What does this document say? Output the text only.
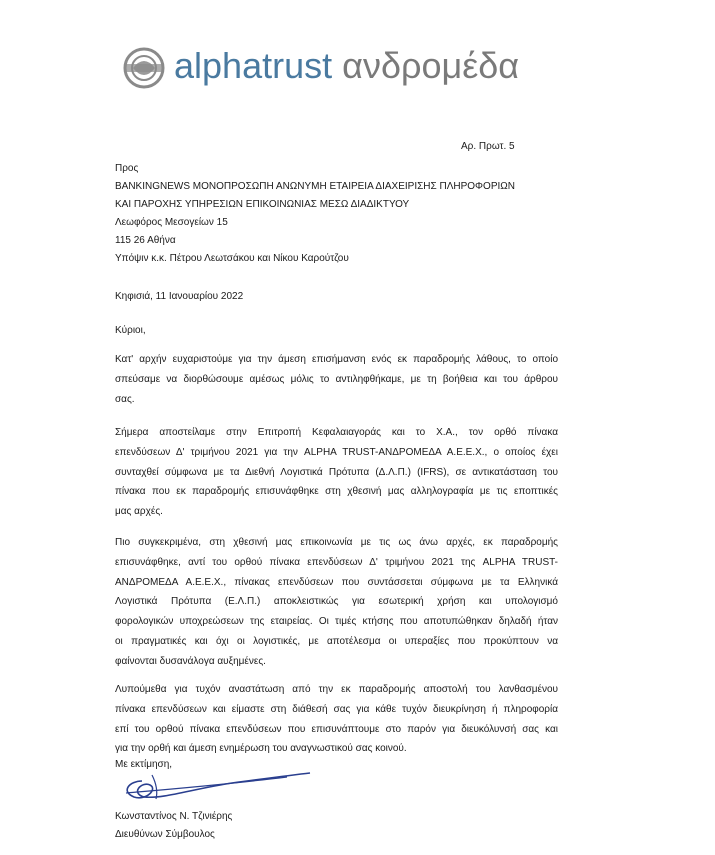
alphatrust ανδρομέδα
Αρ. Πρωτ. 5
Προς
BANKINGNEWS ΜΟΝΟΠΡΟΣΩΠΗ ΑΝΩΝΥΜΗ ΕΤΑΙΡΕΙΑ ΔΙΑΧΕΙΡΙΣΗΣ ΠΛΗΡΟΦΟΡΙΩΝ
ΚΑΙ ΠΑΡΟΧΗΣ ΥΠΗΡΕΣΙΩΝ ΕΠΙΚΟΙΝΩΝΙΑΣ ΜΕΣΩ ΔΙΑΔΙΚΤΥΟΥ
Λεωφόρος Μεσογείων 15
115 26 Αθήνα
Υπόψιν κ.κ. Πέτρου Λεωτσάκου και Νίκου Καρούτζου
Κηφισιά, 11 Ιανουαρίου 2022
Κύριοι,
Κατ' αρχήν ευχαριστούμε για την άμεση επισήμανση ενός εκ παραδρομής λάθους, το οποίο
σπεύσαμε να διορθώσουμε αμέσως μόλις το αντιληφθήκαμε, με τη βοήθεια και του άρθρου
σας.
Σήμερα αποστείλαμε στην Επιτροπή Κεφαλαιαγοράς και το Χ.Α., τον ορθό πίνακα
επενδύσεων Δ' τριμήνου 2021 για την ALPHA TRUST-ΑΝΔΡΟΜΕΔΑ Α.Ε.Ε.Χ., ο οποίος έχει
συνταχθεί σύμφωνα με τα Διεθνή Λογιστικά Πρότυπα (Δ.Λ.Π.) (IFRS), σε αντικατάσταση του
πίνακα που εκ παραδρομής επισυνάφθηκε στη χθεσινή μας αλληλογραφία με τις εποπτικές
μας αρχές.
Πιο συγκεκριμένα, στη χθεσινή μας επικοινωνία με τις ως άνω αρχές, εκ παραδρομής
επισυνάφθηκε, αντί του ορθού πίνακα επενδύσεων Δ' τριμήνου 2021 της ALPHA TRUST-
ΑΝΔΡΟΜΕΔΑ Α.Ε.Ε.Χ., πίνακας επενδύσεων που συντάσσεται σύμφωνα με τα Ελληνικά
Λογιστικά Πρότυπα (Ε.Λ.Π.) αποκλειστικώς για εσωτερική χρήση και υπολογισμό
φορολογικών υποχρεώσεων της εταιρείας. Οι τιμές κτήσης που αποτυπώθηκαν δηλαδή ήταν
οι πραγματικές και όχι οι λογιστικές, με αποτέλεσμα οι υπεραξίες που προκύπτουν να
φαίνονται δυσανάλογα αυξημένες.
Λυπούμεθα για τυχόν αναστάτωση από την εκ παραδρομής αποστολή του λανθασμένου
πίνακα επενδύσεων και είμαστε στη διάθεσή σας για κάθε τυχόν διευκρίνηση ή πληροφορία
επί του ορθού πίνακα επενδύσεων που επισυνάπτουμε στο παρόν για διευκόλυνσή σας και
για την ορθή και άμεση ενημέρωση του αναγνωστικού σας κοινού.
Με εκτίμηση,
Κωνσταντίνος Ν. Τζινιέρης
Διευθύνων Σύμβουλος
